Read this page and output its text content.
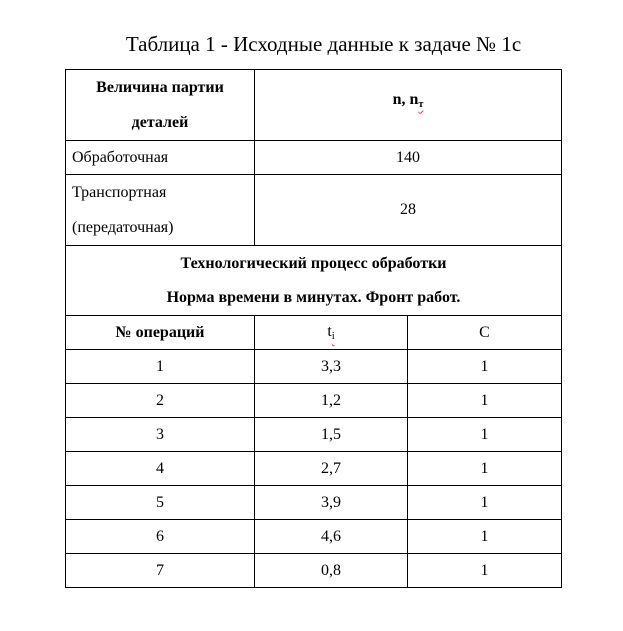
Таблица 1 - Исходные данные к задаче № 1с
Величина партии
деталей	n, $n_т$
Обработочная	140	

Транспортная
(передаточная)	28	

Технологический процесс обработки
Норма времени в минутах. Фронт работ.		

№ операций	$t_i$	C
1	3,3	1
2	1,2	1
3	1,5	1
4	2,7	1
5	3,9	1
6	4,6	1
7	0,8	1
